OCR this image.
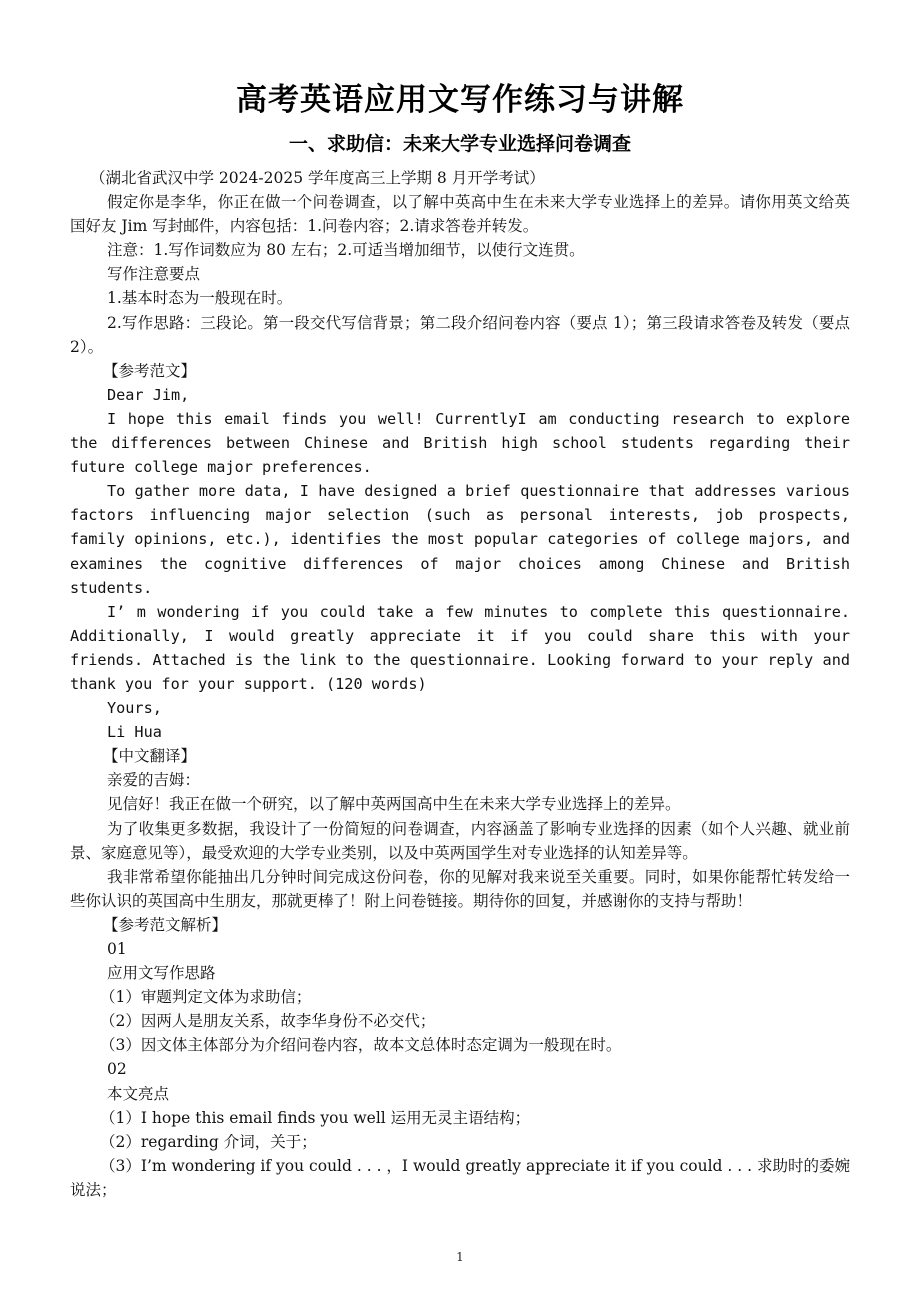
高考英语应用文写作练习与讲解
一、求助信：未来大学专业选择问卷调查

（湖北省武汉中学 2024-2025 学年度高三上学期 8 月开学考试）

假定你是李华，你正在做一个问卷调查，以了解中英高中生在未来大学专业选择上的差异。请你用英文给英国好友 Jim 写封邮件，内容包括：1.问卷内容；2.请求答卷并转发。

注意：1.写作词数应为 80 左右；2.可适当增加细节，以使行文连贯。

写作注意要点

1.基本时态为一般现在时。

2.写作思路：三段论。第一段交代写信背景；第二段介绍问卷内容（要点 1）；第三段请求答卷及转发（要点 2）。

【参考范文】

Dear Jim,

I hope this email finds you well! CurrentlyI am conducting research to explore the differences between Chinese and British high school students regarding their future college major preferences.

To gather more data, I have designed a brief questionnaire that addresses various factors influencing major selection (such as personal interests, job prospects, family opinions, etc.), identifies the most popular categories of college majors, and examines the cognitive differences of major choices among Chinese and British students.

I’ m wondering if you could take a few minutes to complete this questionnaire. Additionally, I would greatly appreciate it if you could share this with your friends. Attached is the link to the questionnaire. Looking forward to your reply and thank you for your support. (120 words)

Yours,

Li Hua

【中文翻译】

亲爱的吉姆：

见信好！我正在做一个研究，以了解中英两国高中生在未来大学专业选择上的差异。

为了收集更多数据，我设计了一份简短的问卷调查，内容涵盖了影响专业选择的因素（如个人兴趣、就业前景、家庭意见等），最受欢迎的大学专业类别，以及中英两国学生对专业选择的认知差异等。

我非常希望你能抽出几分钟时间完成这份问卷，你的见解对我来说至关重要。同时，如果你能帮忙转发给一些你认识的英国高中生朋友，那就更棒了！附上问卷链接。期待你的回复，并感谢你的支持与帮助！

【参考范文解析】

01

应用文写作思路

（1）审题判定文体为求助信；

（2）因两人是朋友关系，故李华身份不必交代；

（3）因文体主体部分为介绍问卷内容，故本文总体时态定调为一般现在时。

02

本文亮点

（1）I hope this email finds you well 运用无灵主语结构；

（2）regarding 介词，关于；

（3）I’m wondering if you could . . . ，I would greatly appreciate it if you could . . . 求助时的委婉说法；

1
